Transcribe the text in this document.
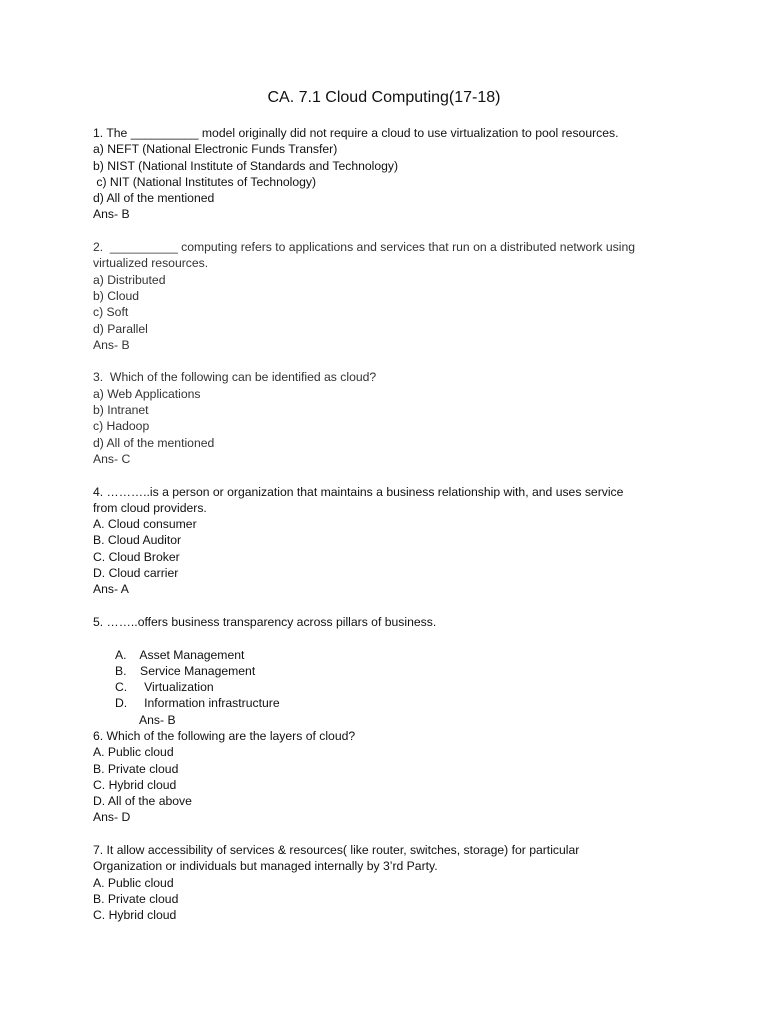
CA. 7.1 Cloud Computing(17-18)
1. The __________ model originally did not require a cloud to use virtualization to pool resources.
a) NEFT (National Electronic Funds Transfer)
b) NIST (National Institute of Standards and Technology)
c) NIT (National Institutes of Technology)
d) All of the mentioned
Ans- B
2.  __________ computing refers to applications and services that run on a distributed network using
virtualized resources.
a) Distributed
b) Cloud
c) Soft
d) Parallel
Ans- B
3.  Which of the following can be identified as cloud?
a) Web Applications
b) Intranet
c) Hadoop
d) All of the mentioned
Ans- C
4. ………..is a person or organization that maintains a business relationship with, and uses service
from cloud providers.
A. Cloud consumer
B. Cloud Auditor
C. Cloud Broker
D. Cloud carrier
Ans- A
5. ……..offers business transparency across pillars of business.
A.    Asset Management
B.    Service Management
C.     Virtualization
D.     Information infrastructure
Ans- B
6. Which of the following are the layers of cloud?
A. Public cloud
B. Private cloud
C. Hybrid cloud
D. All of the above
Ans- D
7. It allow accessibility of services & resources( like router, switches, storage) for particular
Organization or individuals but managed internally by 3’rd Party.
A. Public cloud
B. Private cloud
C. Hybrid cloud
